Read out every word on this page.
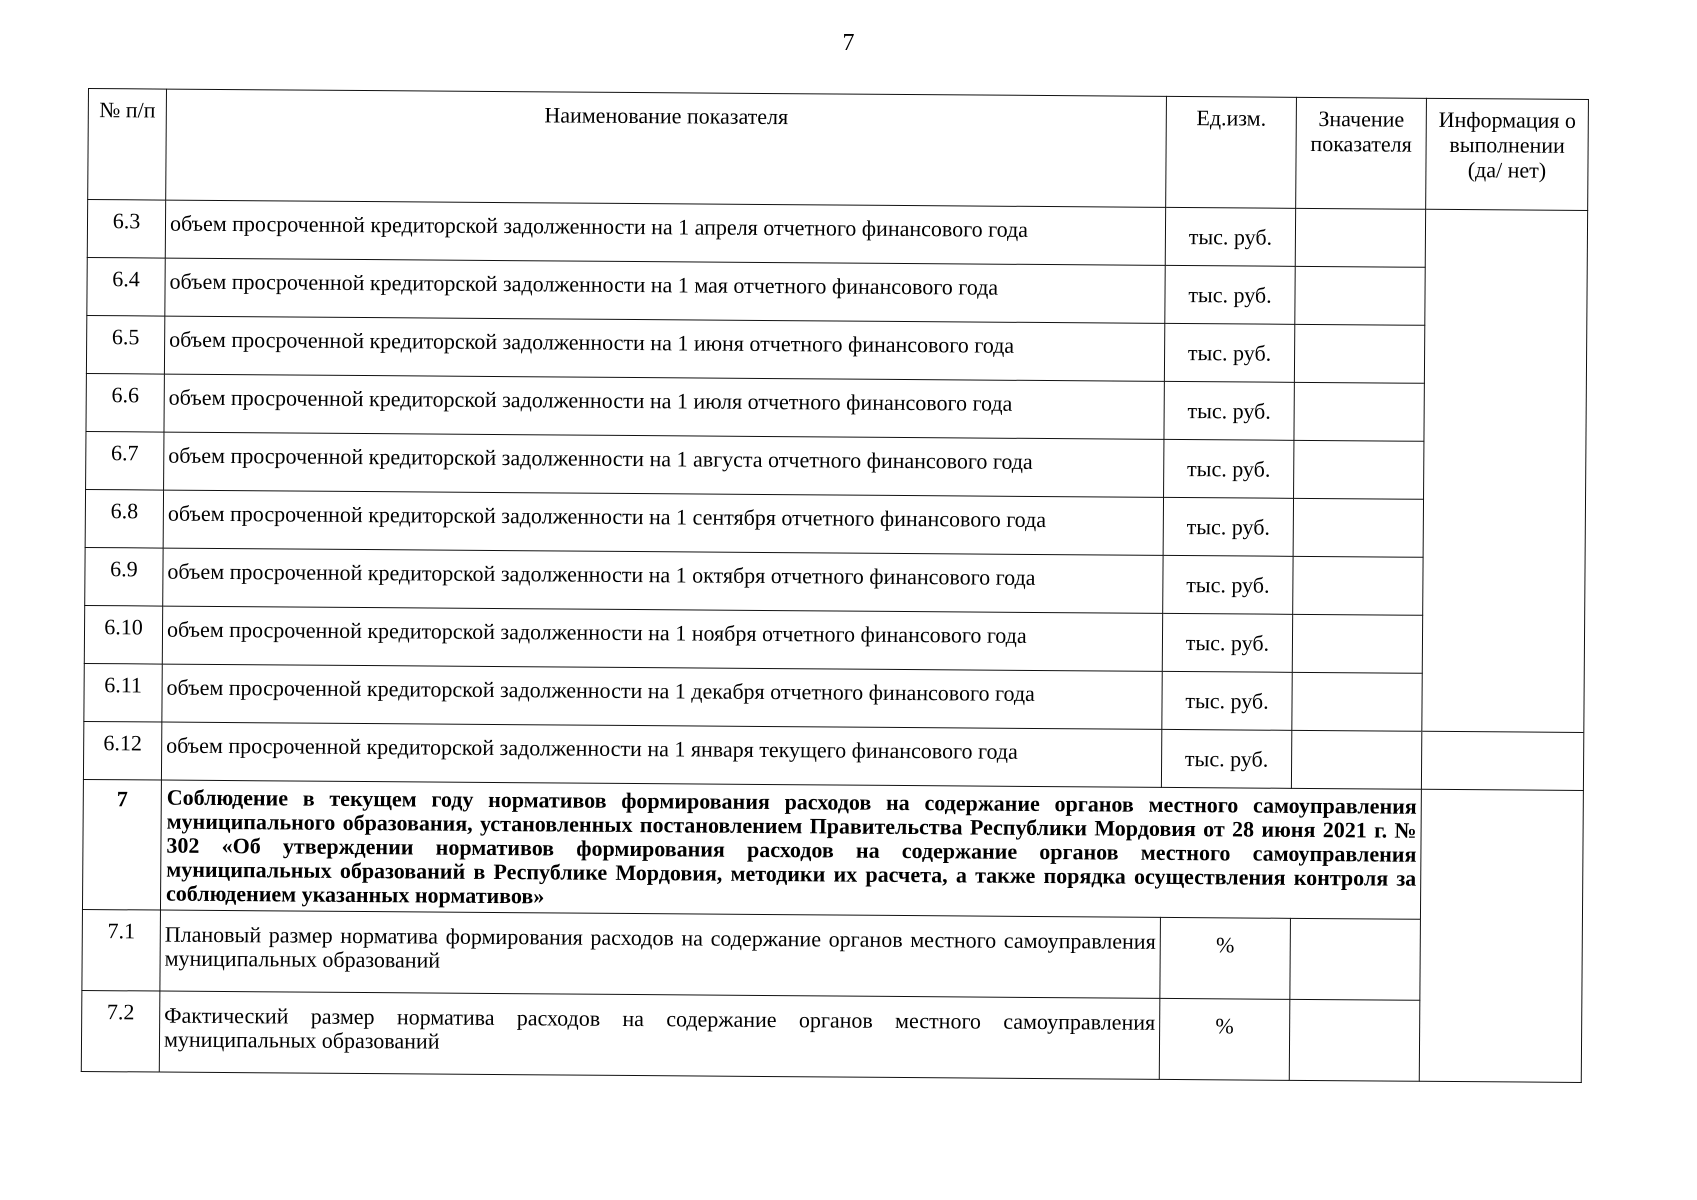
7
№ п/п	Наименование показателя	Ед.изм.	Значение показателя	Информация о выполнении (да/ нет)
6.3	объем просроченной кредиторской задолженности на 1 апреля отчетного финансового года	тыс. руб.		
6.4	объем просроченной кредиторской задолженности на 1 мая отчетного финансового года	тыс. руб.		
6.5	объем просроченной кредиторской задолженности на 1 июня отчетного финансового года	тыс. руб.		
6.6	объем просроченной кредиторской задолженности на 1 июля отчетного финансового года	тыс. руб.		
6.7	объем просроченной кредиторской задолженности на 1 августа отчетного финансового года	тыс. руб.		
6.8	объем просроченной кредиторской задолженности на 1 сентября отчетного финансового года	тыс. руб.		
6.9	объем просроченной кредиторской задолженности на 1 октября отчетного финансового года	тыс. руб.		
6.10	объем просроченной кредиторской задолженности на 1 ноября отчетного финансового года	тыс. руб.		
6.11	объем просроченной кредиторской задолженности на 1 декабря отчетного финансового года	тыс. руб.		
6.12	объем просроченной кредиторской задолженности на 1 января текущего финансового года	тыс. руб.		
7	Соблюдение в текущем году нормативов формирования расходов на содержание органов местного самоуправления муниципального образования, установленных постановлением Правительства Республики Мордовия от 28 июня 2021 г. № 302 «Об утверждении нормативов формирования расходов на содержание органов местного самоуправления муниципальных образований в Республике Мордовия, методики их расчета, а также порядка осуществления контроля за соблюдением указанных нормативов»			
7.1	Плановый размер норматива формирования расходов на содержание органов местного самоуправления муниципальных образований	%		
7.2	Фактический размер норматива расходов на содержание органов местного самоуправления муниципальных образований	%		
